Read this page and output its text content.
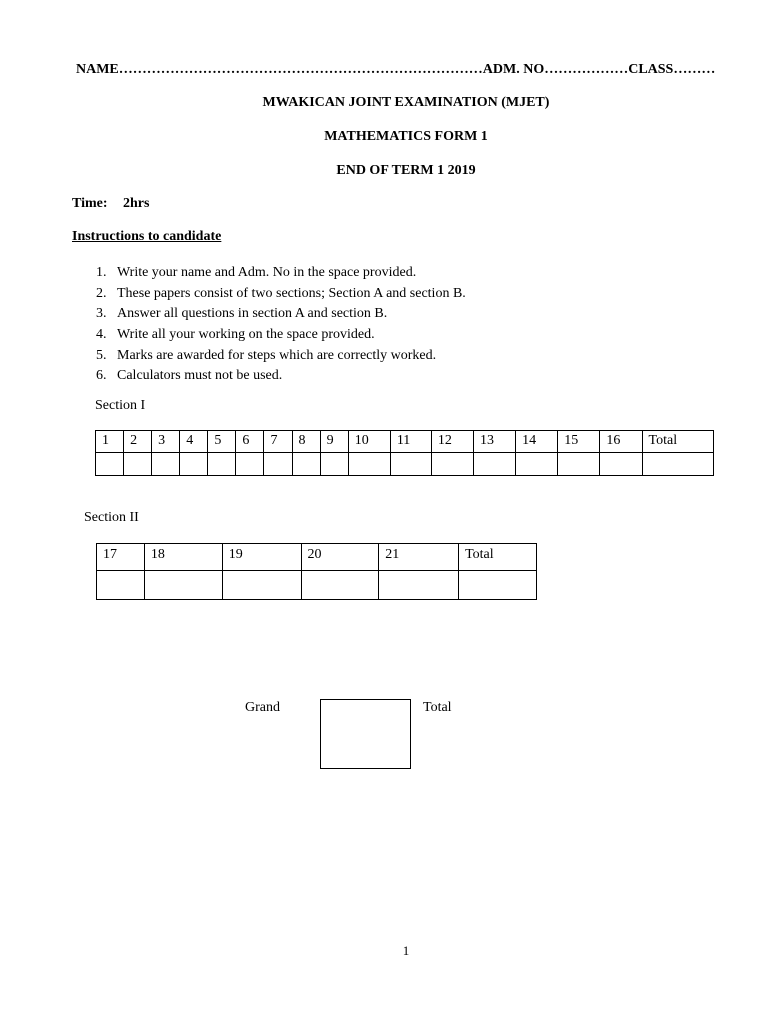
NAME……………………………………………………………………ADM. NO………………CLASS………
MWAKICAN JOINT EXAMINATION (MJET)
MATHEMATICS FORM 1
END OF TERM 1 2019
Time: 2hrs
Instructions to candidate
1. Write your name and Adm. No in the space provided.
2. These papers consist of two sections; Section A and section B.
3. Answer all questions in section A and section B.
4. Write all your working on the space provided.
5. Marks are awarded for steps which are correctly worked.
6. Calculators must not be used.
Section I
1	2	3	4	5	6	7	8	9	10	11	12	13	14	15	16	Total

Section II
17	18	19	20	21	Total

Grand	Total
1
